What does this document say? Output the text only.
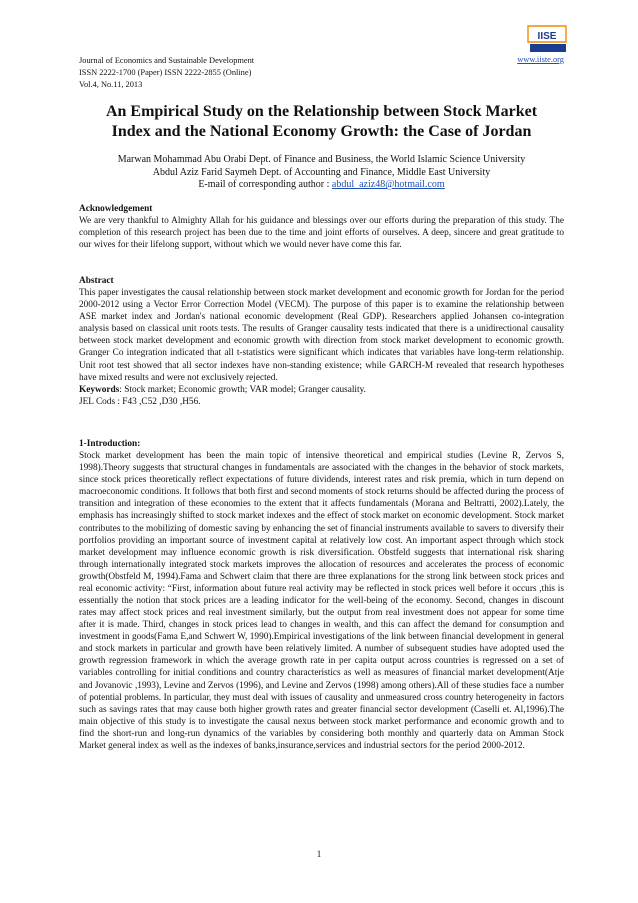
Journal of Economics and Sustainable Development
ISSN 2222-1700 (Paper) ISSN 2222-2855 (Online)
Vol.4, No.11, 2013
www.iiste.org
IISE
An Empirical Study on the Relationship between Stock Market
Index and the National Economy Growth: the Case of Jordan
Marwan Mohammad Abu Orabi Dept. of Finance and Business, the World Islamic Science University
Abdul Aziz Farid Saymeh Dept. of Accounting and Finance, Middle East University
E-mail of corresponding author : abdul_aziz48@hotmail.com

Acknowledgement

We are very thankful to Almighty Allah for his guidance and blessings over our efforts during the preparation of this study. The completion of this research project has been due to the time and joint efforts of ourselves. A deep, sincere and great gratitude to our wives for their lifelong support, without which we would never have come this far.

Abstract

This paper investigates the causal relationship between stock market development and economic growth for Jordan for the period 2000-2012 using a Vector Error Correction Model (VECM). The purpose of this paper is to examine the relationship between ASE market index and Jordan's national economic development (Real GDP). Researchers applied Johansen co-integration analysis based on classical unit roots tests. The results of Granger causality tests indicated that there is a unidirectional causality between stock market development and economic growth with direction from stock market development to economic growth. Granger Co integration indicated that all t-statistics were significant which indicates that variables have long-term relationship. Unit root test showed that all sector indexes have non-standing existence; while GARCH-M revealed that research hypotheses have mixed results and were not exclusively rejected.

Keywords: Stock market; Economic growth; VAR model; Granger causality.

JEL Cods : F43 ,C52 ,D30 ,H56.

1-Introduction:

Stock market development has been the main topic of intensive theoretical and empirical studies (Levine R, Zervos S, 1998).Theory suggests that structural changes in fundamentals are associated with the changes in the behavior of stock markets, since stock prices theoretically reflect expectations of future dividends, interest rates and risk premia, which in turn depend on macroeconomic conditions. It follows that both first and second moments of stock returns should be affected during the process of transition and integration of these economies to the extent that it affects fundamentals (Morana and Beltratti, 2002).Lately, the emphasis has increasingly shifted to stock market indexes and the effect of stock market on economic development. Stock market contributes to the mobilizing of domestic saving by enhancing the set of financial instruments available to savers to diversify their portfolios providing an important source of investment capital at relatively low cost. An important aspect through which stock market development may influence economic growth is risk diversification. Obstfeld suggests that international risk sharing through internationally integrated stock markets improves the allocation of resources and accelerates the process of economic growth(Obstfeld M, 1994).Fama and Schwert claim that there are three explanations for the strong link between stock prices and real economic activity: “First, information about future real activity may be reflected in stock prices well before it occurs ,this is essentially the notion that stock prices are a leading indicator for the well-being of the economy. Second, changes in discount rates may affect stock prices and real investment similarly, but the output from real investment does not appear for some time after it is made. Third, changes in stock prices lead to changes in wealth, and this can affect the demand for consumption and investment in goods(Fama E,and Schwert W, 1990).Empirical investigations of the link between financial development in general and stock markets in particular and growth have been relatively limited. A number of subsequent studies have adopted used the growth regression framework in which the average growth rate in per capita output across countries is regressed on a set of variables controlling for initial conditions and country characteristics as well as measures of financial market development(Atje and Jovanovic ,1993), Levine and Zervos (1996), and Levine and Zervos (1998) among others).All of these studies face a number of potential problems. In particular, they must deal with issues of causality and unmeasured cross country heterogeneity in factors such as savings rates that may cause both higher growth rates and greater financial sector development (Caselli et. Al,1996).The main objective of this study is to investigate the causal nexus between stock market performance and economic growth and to find the short-run and long-run dynamics of the variables by considering both monthly and quarterly data on Amman Stock Market general index as well as the indexes of banks,insurance,services and industrial sectors for the period 2000-2012.

1
